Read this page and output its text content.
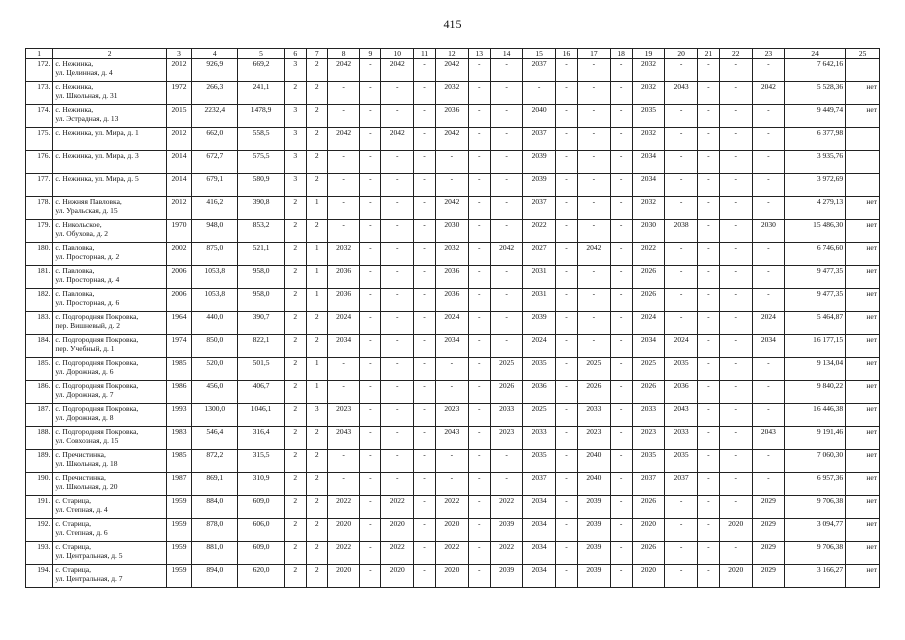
415
1	2	3	4	5	6	7	8	9	10	11	12	13	14	15	16	17	18	19	20	21	22	23	24	25
172.	с. Нежинка,
ул. Целинная, д. 4	2012	926,9	669,2	3	2	2042	-	2042	-	2042	-	-	2037	-	-	-	2032	-	-	-	-	7 642,16	
173.	с. Нежинка,
ул. Школьная, д. 31	1972	266,3	241,1	2	2	-	-	-	-	2032	-	-	-	-	-	-	2032	2043	-	-	2042	5 528,36	нет
174.	с. Нежинка,
ул. Эстрадная, д. 13	2015	2232,4	1478,9	3	2	-	-	-	-	2036	-	-	2040	-	-	-	2035	-	-	-	-	9 449,74	нет
175.	с. Нежинка, ул. Мира, д. 1	2012	662,0	558,5	3	2	2042	-	2042	-	2042	-	-	2037	-	-	-	2032	-	-	-	-	6 377,98	
176.	с. Нежинка, ул. Мира, д. 3	2014	672,7	575,5	3	2	-	-	-	-	-	-	-	2039	-	-	-	2034	-	-	-	-	3 935,76	
177.	с. Нежинка, ул. Мира, д. 5	2014	679,1	580,9	3	2	-	-	-	-	-	-	-	2039	-	-	-	2034	-	-	-	-	3 972,69	
178.	с. Нижняя Павловка,
ул. Уральская, д. 15	2012	416,2	390,8	2	1	-	-	-	-	2042	-	-	2037	-	-	-	2032	-	-	-	-	4 279,13	нет
179.	с. Никольское,
ул. Обухова, д. 2	1970	948,0	853,2	2	2	-	-	-	-	2030	-	-	2022	-	-	-	2030	2038	-	-	2030	15 486,30	нет
180.	с. Павловка,
ул. Просторная, д. 2	2002	875,0	521,1	2	1	2032	-	-	-	2032	-	2042	2027	-	2042	-	2022	-	-	-	-	6 746,60	нет
181.	с. Павловка,
ул. Просторная, д. 4	2006	1053,8	958,0	2	1	2036	-	-	-	2036	-	-	2031	-	-	-	2026	-	-	-	-	9 477,35	нет
182.	с. Павловка,
ул. Просторная, д. 6	2006	1053,8	958,0	2	1	2036	-	-	-	2036	-	-	2031	-	-	-	2026	-	-	-	-	9 477,35	нет
183.	с. Подгородняя Покровка,
пер. Вишневый, д. 2	1964	440,0	390,7	2	2	2024	-	-	-	2024	-	-	2039	-	-	-	2024	-	-	-	2024	5 464,87	нет
184.	с. Подгородняя Покровка,
пер. Учебный, д. 1	1974	850,0	822,1	2	2	2034	-	-	-	2034	-	-	2024	-	-	-	2034	2024	-	-	2034	16 177,15	нет
185.	с. Подгородняя Покровка,
ул. Дорожная, д. 6	1985	520,0	501,5	2	1	-	-	-	-	-	-	2025	2035	-	2025	-	2025	2035	-	-	-	9 134,04	нет
186.	с. Подгородняя Покровка,
ул. Дорожная, д. 7	1986	456,0	406,7	2	1	-	-	-	-	-	-	2026	2036	-	2026	-	2026	2036	-	-	-	9 840,22	нет
187.	с. Подгородняя Покровка,
ул. Дорожная, д. 8	1993	1300,0	1046,1	2	3	2023	-	-	-	2023	-	2033	2025	-	2033	-	2033	2043	-	-	-	16 446,38	нет
188.	с. Подгородняя Покровка,
ул. Совхозная, д. 15	1983	546,4	316,4	2	2	2043	-	-	-	2043	-	2023	2033	-	2023	-	2023	2033	-	-	2043	9 191,46	нет
189.	с. Пречистинка,
ул. Школьная, д. 18	1985	872,2	315,5	2	2	-	-	-	-	-	-	-	2035	-	2040	-	2035	2035	-	-	-	7 060,30	нет
190.	с. Пречистинка,
ул. Школьная, д. 20	1987	869,1	310,9	2	2	-	-	-	-	-	-	-	2037	-	2040	-	2037	2037	-	-	-	6 957,36	нет
191.	с. Старица,
ул. Степная, д. 4	1959	884,0	609,0	2	2	2022	-	2022	-	2022	-	2022	2034	-	2039	-	2026	-	-	-	2029	9 706,38	нет
192.	с. Старица,
ул. Степная, д. 6	1959	878,0	606,0	2	2	2020	-	2020	-	2020	-	2039	2034	-	2039	-	2020	-	-	2020	2029	3 094,77	нет
193.	с. Старица,
ул. Центральная, д. 5	1959	881,0	609,0	2	2	2022	-	2022	-	2022	-	2022	2034	-	2039	-	2026	-	-	-	2029	9 706,38	нет
194.	с. Старица,
ул. Центральная, д. 7	1959	894,0	620,0	2	2	2020	-	2020	-	2020	-	2039	2034	-	2039	-	2020	-	-	2020	2029	3 166,27	нет
